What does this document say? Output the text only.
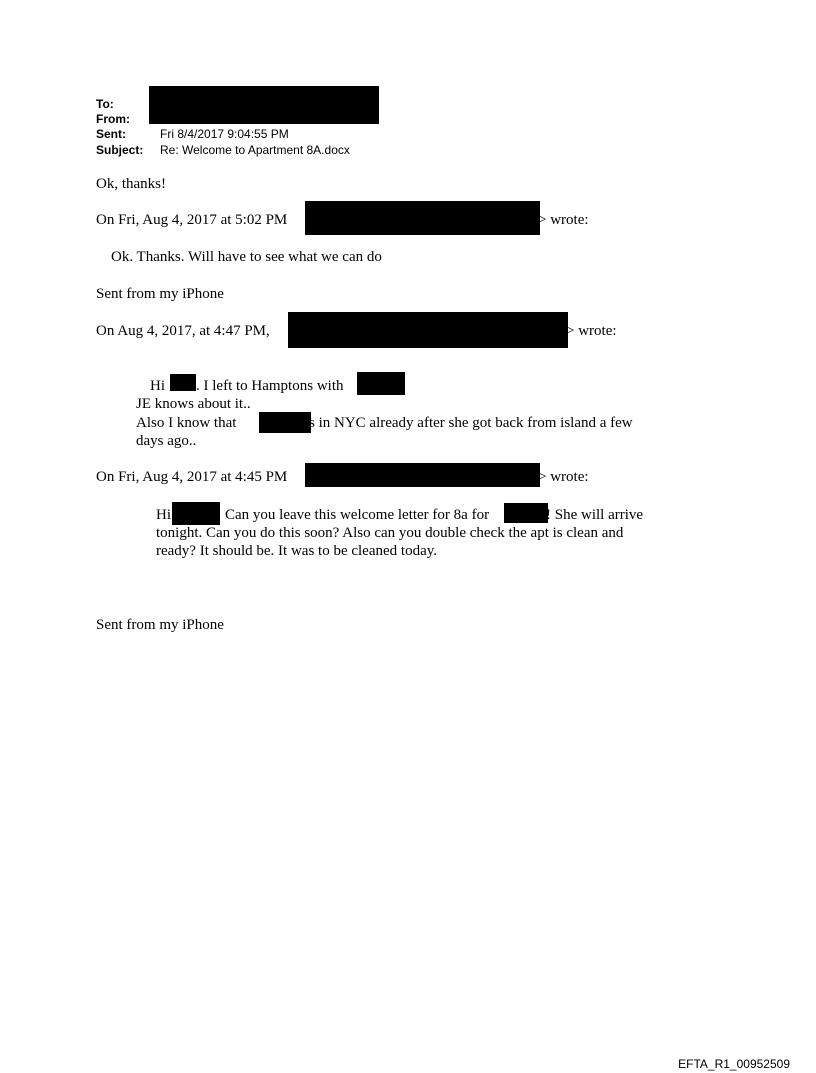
To:
From:
Sent:	Fri 8/4/2017 9:04:55 PM
Subject: Re: Welcome to Apartment 8A.docx
Ok, thanks!
On Fri, Aug 4, 2017 at 5:02 PM	> wrote:
Ok. Thanks. Will have to see what we can do
Sent from my iPhone
On Aug 4, 2017, at 4:47 PM,	> wrote:
Hi . I left to Hamptons with
JE knows about it..
Also I know that	s in NYC already after she got back from island a few
days ago..
On Fri, Aug 4, 2017 at 4:45 PM	> wrote:
Hi	Can you leave this welcome letter for 8a for	! She will arrive
tonight. Can you do this soon? Also can you double check the apt is clean and
ready? It should be. It was to be cleaned today.
Sent from my iPhone
EFTA_R1_00952509
